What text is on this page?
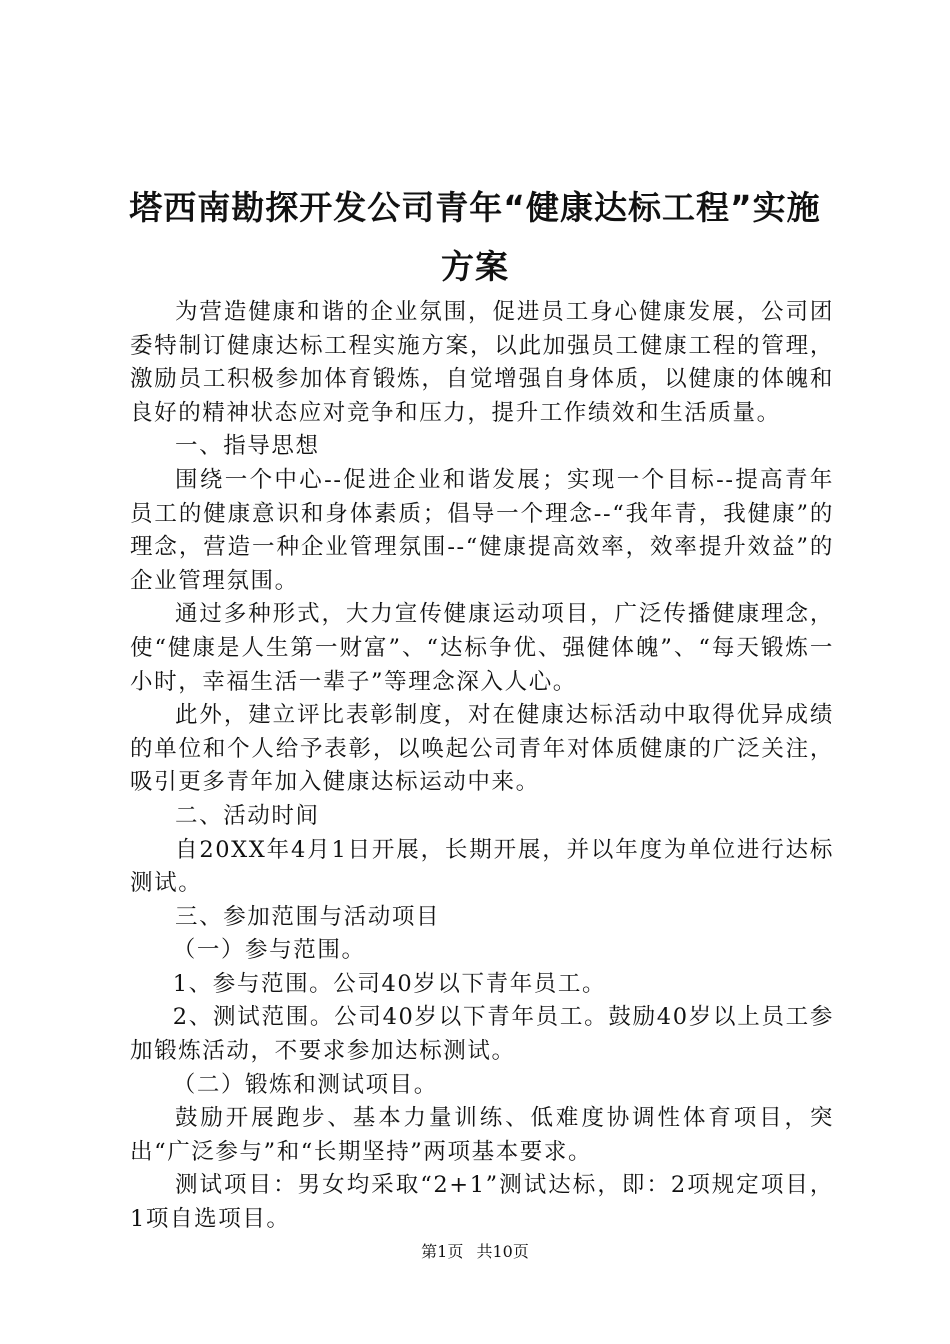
塔西南勘探开发公司青年“健康达标工程”实施方案

为营造健康和谐的企业氛围，促进员工身心健康发展，公司团委特制订健康达标工程实施方案，以此加强员工健康工程的管理，激励员工积极参加体育锻炼，自觉增强自身体质，以健康的体魄和良好的精神状态应对竞争和压力，提升工作绩效和生活质量。

一、指导思想

围绕一个中心--促进企业和谐发展；实现一个目标--提高青年员工的健康意识和身体素质；倡导一个理念--“我年青，我健康”的理念，营造一种企业管理氛围--“健康提高效率，效率提升效益”的企业管理氛围。

通过多种形式，大力宣传健康运动项目，广泛传播健康理念，使“健康是人生第一财富”、“达标争优、强健体魄”、“每天锻炼一小时，幸福生活一辈子”等理念深入人心。

此外，建立评比表彰制度，对在健康达标活动中取得优异成绩的单位和个人给予表彰，以唤起公司青年对体质健康的广泛关注，吸引更多青年加入健康达标运动中来。

二、活动时间

自20XX年4月1日开展，长期开展，并以年度为单位进行达标测试。

三、参加范围与活动项目

（一）参与范围。

1、参与范围。公司40岁以下青年员工。

2、测试范围。公司40岁以下青年员工。鼓励40岁以上员工参加锻炼活动，不要求参加达标测试。

（二）锻炼和测试项目。

鼓励开展跑步、基本力量训练、低难度协调性体育项目，突出“广泛参与”和“长期坚持”两项基本要求。

测试项目：男女均采取“2+1”测试达标，即：2项规定项目，1项自选项目。

第1页 共10页
